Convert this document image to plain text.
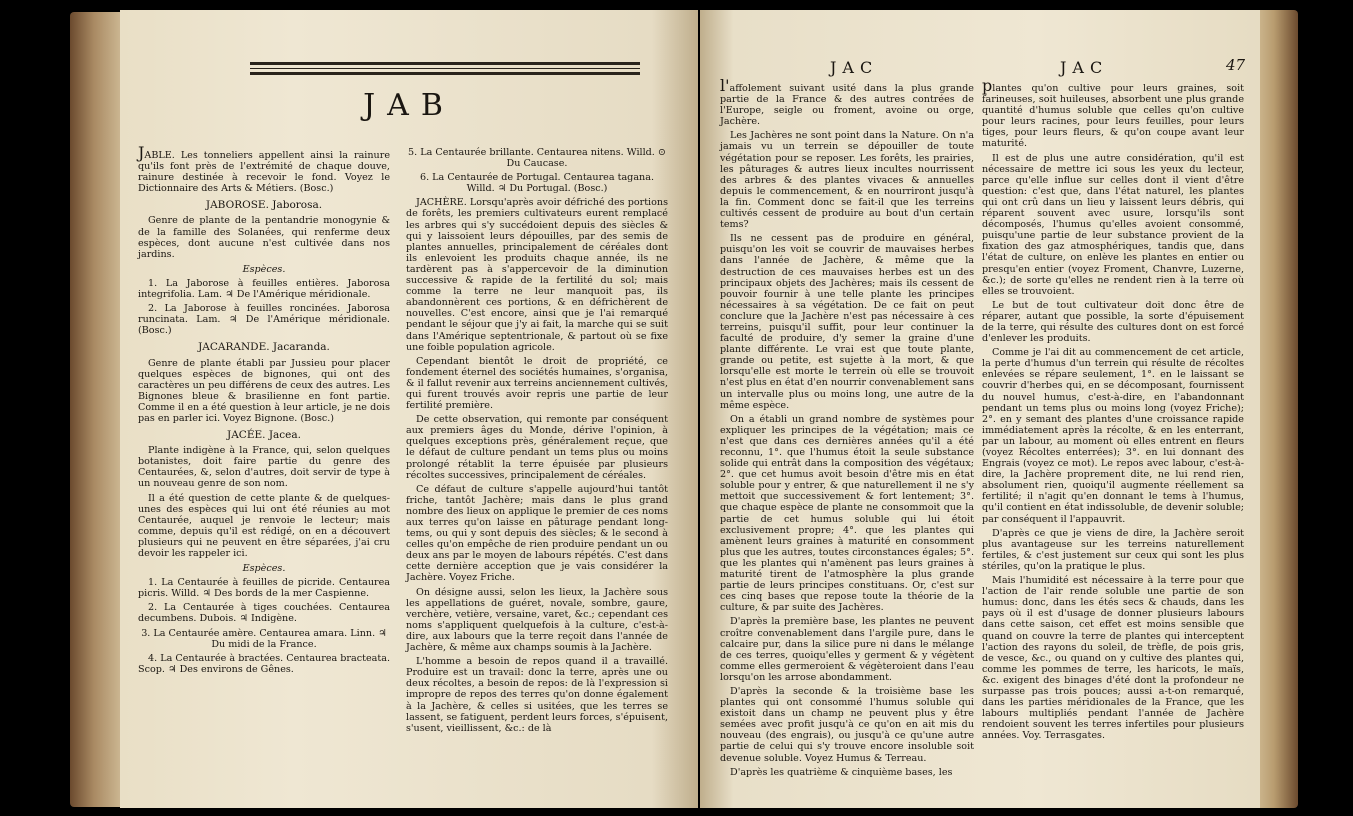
JAB

JABLE. Les tonneliers appellent ainsi la rainure qu'ils font près de l'extrémité de chaque douve, rainure destinée à recevoir le fond. Voyez le Dictionnaire des Arts & Métiers. (Bosc.)

JABOROSE. Jaborosa.

Genre de plante de la pentandrie monogynie & de la famille des Solanées, qui renferme deux espèces, dont aucune n'est cultivée dans nos jardins.

Espèces.

1. La Jaborose à feuilles entières. Jaborosa integrifolia. Lam. ♃ De l'Amérique méridionale.

2. La Jaborose à feuilles roncinées. Jaborosa runcinata. Lam. ♃ De l'Amérique méridionale. (Bosc.)

JACARANDE. Jacaranda.

Genre de plante établi par Jussieu pour placer quelques espèces de bignones, qui ont des caractères un peu différens de ceux des autres. Les Bignones bleue & brasilienne en font partie. Comme il en a été question à leur article, je ne dois pas en parler ici. Voyez Bignone. (Bosc.)

JACÉE. Jacea.

Plante indigène à la France, qui, selon quelques botanistes, doit faire partie du genre des Centaurées, &, selon d'autres, doit servir de type à un nouveau genre de son nom.

Il a été question de cette plante & de quelques-unes des espèces qui lui ont été réunies au mot Centaurée, auquel je renvoie le lecteur; mais comme, depuis qu'il est rédigé, on en a découvert plusieurs qui ne peuvent en être séparées, j'ai cru devoir les rappeler ici.

Espèces.

1. La Centaurée à feuilles de picride. Centaurea picris. Willd. ♃ Des bords de la mer Caspienne.

2. La Centaurée à tiges couchées. Centaurea decumbens. Dubois. ♃ Indigène.

3. La Centaurée amère. Centaurea amara. Linn. ♃ Du midi de la France.

4. La Centaurée à bractées. Centaurea bracteata. Scop. ♃ Des environs de Gênes.

5. La Centaurée brillante. Centaurea nitens. Willd. ⊙ Du Caucase.

6. La Centaurée de Portugal. Centaurea tagana. Willd. ♃ Du Portugal. (Bosc.)

JACHÈRE. Lorsqu'après avoir défriché des portions de forêts, les premiers cultivateurs eurent remplacé les arbres qui s'y succédoient depuis des siècles & qui y laissoient leurs dépouilles, par des semis de plantes annuelles, principalement de céréales dont ils enlevoient les produits chaque année, ils ne tardèrent pas à s'appercevoir de la diminution successive & rapide de la fertilité du sol; mais comme la terre ne leur manquoit pas, ils abandonnèrent ces portions, & en défrichèrent de nouvelles. C'est encore, ainsi que je l'ai remarqué pendant le séjour que j'y ai fait, la marche qui se suit dans l'Amérique septentrionale, & partout où se fixe une foible population agricole.

Cependant bientôt le droit de propriété, ce fondement éternel des sociétés humaines, s'organisa, & il fallut revenir aux terreins anciennement cultivés, qui furent trouvés avoir repris une partie de leur fertilité première.

De cette observation, qui remonte par conséquent aux premiers âges du Monde, dérive l'opinion, à quelques exceptions près, généralement reçue, que le défaut de culture pendant un tems plus ou moins prolongé rétablit la terre épuisée par plusieurs récoltes successives, principalement de céréales.

Ce défaut de culture s'appelle aujourd'hui tantôt friche, tantôt Jachère; mais dans le plus grand nombre des lieux on applique le premier de ces noms aux terres qu'on laisse en pâturage pendant long-tems, ou qui y sont depuis des siècles; & le second à celles qu'on empêche de rien produire pendant un ou deux ans par le moyen de labours répétés. C'est dans cette dernière acception que je vais considérer la Jachère. Voyez Friche.

On désigne aussi, selon les lieux, la Jachère sous les appellations de guéret, novale, sombre, gaure, verchère, vetière, versaine, varet, &c.; cependant ces noms s'appliquent quelquefois à la culture, c'est-à-dire, aux labours que la terre reçoit dans l'année de Jachère, & même aux champs soumis à la Jachère.

L'homme a besoin de repos quand il a travaillé. Produire est un travail: donc la terre, après une ou deux récoltes, a besoin de repos: de là l'expression si impropre de repos des terres qu'on donne également à la Jachère, & celles si usitées, que les terres se lassent, se fatiguent, perdent leurs forces, s'épuisent, s'usent, vieillissent, &c.: de là

JAC	JAC	47

l'affolement suivant usité dans la plus grande partie de la France & des autres contrées de l'Europe, seigle ou froment, avoine ou orge, Jachère.

Les Jachères ne sont point dans la Nature. On n'a jamais vu un terrein se dépouiller de toute végétation pour se reposer. Les forêts, les prairies, les pâturages & autres lieux incultes nourrissent des arbres & des plantes vivaces & annuelles depuis le commencement, & en nourriront jusqu'à la fin. Comment donc se fait-il que les terreins cultivés cessent de produire au bout d'un certain tems?

Ils ne cessent pas de produire en général, puisqu'on les voit se couvrir de mauvaises herbes dans l'année de Jachère, & même que la destruction de ces mauvaises herbes est un des principaux objets des Jachères; mais ils cessent de pouvoir fournir à une telle plante les principes nécessaires à sa végétation. De ce fait on peut conclure que la Jachère n'est pas nécessaire à ces terreins, puisqu'il suffit, pour leur continuer la faculté de produire, d'y semer la graine d'une plante différente. Le vrai est que toute plante, grande ou petite, est sujette à la mort, & que lorsqu'elle est morte le terrein où elle se trouvoit n'est plus en état d'en nourrir convenablement sans un intervalle plus ou moins long, une autre de la même espèce.

On a établi un grand nombre de systèmes pour expliquer les principes de la végétation; mais ce n'est que dans ces dernières années qu'il a été reconnu, 1°. que l'humus étoit la seule substance solide qui entrât dans la composition des végétaux; 2°. que cet humus avoit besoin d'être mis en état soluble pour y entrer, & que naturellement il ne s'y mettoit que successivement & fort lentement; 3°. que chaque espèce de plante ne consommoit que la partie de cet humus soluble qui lui étoit exclusivement propre; 4°. que les plantes qui amènent leurs graines à maturité en consomment plus que les autres, toutes circonstances égales; 5°. que les plantes qui n'amènent pas leurs graines à maturité tirent de l'atmosphère la plus grande partie de leurs principes constituans. Or, c'est sur ces cinq bases que repose toute la théorie de la culture, & par suite des Jachères.

D'après la première base, les plantes ne peuvent croître convenablement dans l'argile pure, dans le calcaire pur, dans la silice pure ni dans le mélange de ces terres, quoiqu'elles y germent & y végètent comme elles germeroient & végèteroient dans l'eau lorsqu'on les arrose abondamment.

D'après la seconde & la troisième base les plantes qui ont consommé l'humus soluble qui existoit dans un champ ne peuvent plus y être semées avec profit jusqu'à ce qu'on en ait mis du nouveau (des engrais), ou jusqu'à ce qu'une autre partie de celui qui s'y trouve encore insoluble soit devenue soluble. Voyez Humus & Terreau.

D'après les quatrième & cinquième bases, les

plantes qu'on cultive pour leurs graines, soit farineuses, soit huileuses, absorbent une plus grande quantité d'humus soluble que celles qu'on cultive pour leurs racines, pour leurs feuilles, pour leurs tiges, pour leurs fleurs, & qu'on coupe avant leur maturité.

Il est de plus une autre considération, qu'il est nécessaire de mettre ici sous les yeux du lecteur, parce qu'elle influe sur celles dont il vient d'être question: c'est que, dans l'état naturel, les plantes qui ont crû dans un lieu y laissent leurs débris, qui réparent souvent avec usure, lorsqu'ils sont décomposés, l'humus qu'elles avoient consommé, puisqu'une partie de leur substance provient de la fixation des gaz atmosphériques, tandis que, dans l'état de culture, on enlève les plantes en entier ou presqu'en entier (voyez Froment, Chanvre, Luzerne, &c.); de sorte qu'elles ne rendent rien à la terre où elles se trouvoient.

Le but de tout cultivateur doit donc être de réparer, autant que possible, la sorte d'épuisement de la terre, qui résulte des cultures dont on est forcé d'enlever les produits.

Comme je l'ai dit au commencement de cet article, la perte d'humus d'un terrein qui résulte de récoltes enlevées se répare seulement, 1°. en le laissant se couvrir d'herbes qui, en se décomposant, fournissent du nouvel humus, c'est-à-dire, en l'abandonnant pendant un tems plus ou moins long (voyez Friche); 2°. en y semant des plantes d'une croissance rapide immédiatement après la récolte, & en les enterrant, par un labour, au moment où elles entrent en fleurs (voyez Récoltes enterrées); 3°. en lui donnant des Engrais (voyez ce mot). Le repos avec labour, c'est-à-dire, la Jachère proprement dite, ne lui rend rien, absolument rien, quoiqu'il augmente réellement sa fertilité; il n'agit qu'en donnant le tems à l'humus, qu'il contient en état indissoluble, de devenir soluble; par conséquent il l'appauvrit.

D'après ce que je viens de dire, la Jachère seroit plus avantageuse sur les terreins naturellement fertiles, & c'est justement sur ceux qui sont les plus stériles, qu'on la pratique le plus.

Mais l'humidité est nécessaire à la terre pour que l'action de l'air rende soluble une partie de son humus: donc, dans les étés secs & chauds, dans les pays où il est d'usage de donner plusieurs labours dans cette saison, cet effet est moins sensible que quand on couvre la terre de plantes qui interceptent l'action des rayons du soleil, de trèfle, de pois gris, de vesce, &c., ou quand on y cultive des plantes qui, comme les pommes de terre, les haricots, le maïs, &c. exigent des binages d'été dont la profondeur ne surpasse pas trois pouces; aussi a-t-on remarqué, dans les parties méridionales de la France, que les labours multipliés pendant l'année de Jachère rendoient souvent les terres infertiles pour plusieurs années. Voy. Terrasgates.
